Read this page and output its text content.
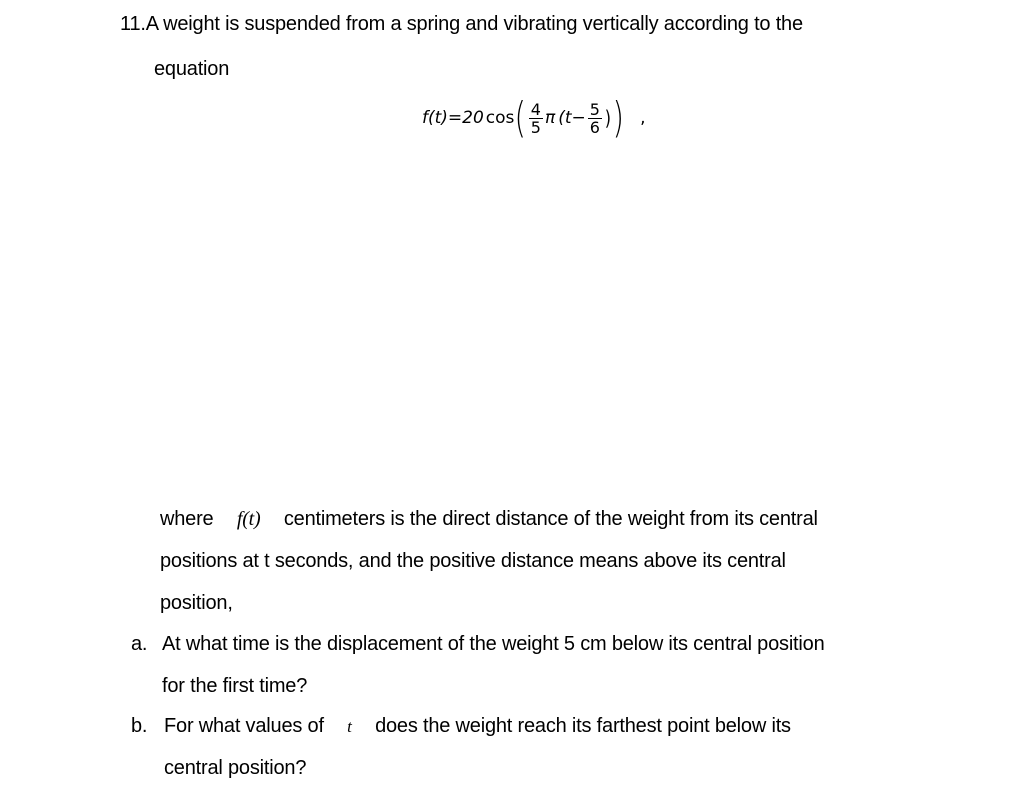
11.A weight is suspended from a spring and vibrating vertically according to the
equation
f(t)=20 cos ( $\frac{4}{5}$ π ($t- \frac{5}{6}$ ) ) ,
where f(t) centimeters is the direct distance of the weight from its central
positions at t seconds, and the positive distance means above its central
position,
a. At what time is the displacement of the weight 5 cm below its central position
for the first time?
b. For what values of t does the weight reach its farthest point below its
central position?
